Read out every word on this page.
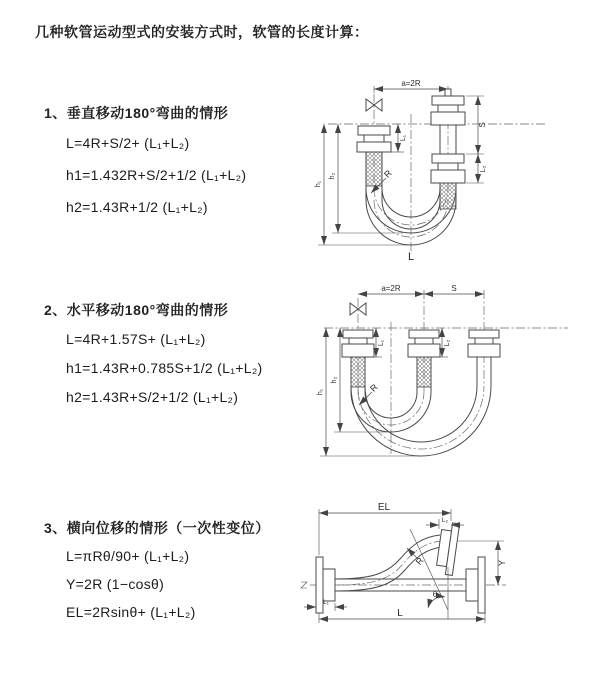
几种软管运动型式的安装方式时，软管的长度计算：
1、垂直移动180°弯曲的情形
L=4R+S/2+ (L₁+L₂)
h1=1.432R+S/2+1/2 (L₁+L₂)
h2=1.43R+1/2 (L₁+L₂)
2、水平移动180°弯曲的情形
L=4R+1.57S+ (L₁+L₂)
h1=1.43R+0.785S+1/2 (L₁+L₂)
h2=1.43R+S/2+1/2 (L₁+L₂)
3、横向位移的情形（一次性变位）
L=πRθ/90+ (L₁+L₂)
Y=2R (1−cosθ)
EL=2Rsinθ+ (L₁+L₂)
a=2R
S
L₂
h₁
h₂
L₁
R
L
a=2R	S
h₁
h₂
L₁	L₂
R
EL
L₂
Y
L
L₁
θ
R
